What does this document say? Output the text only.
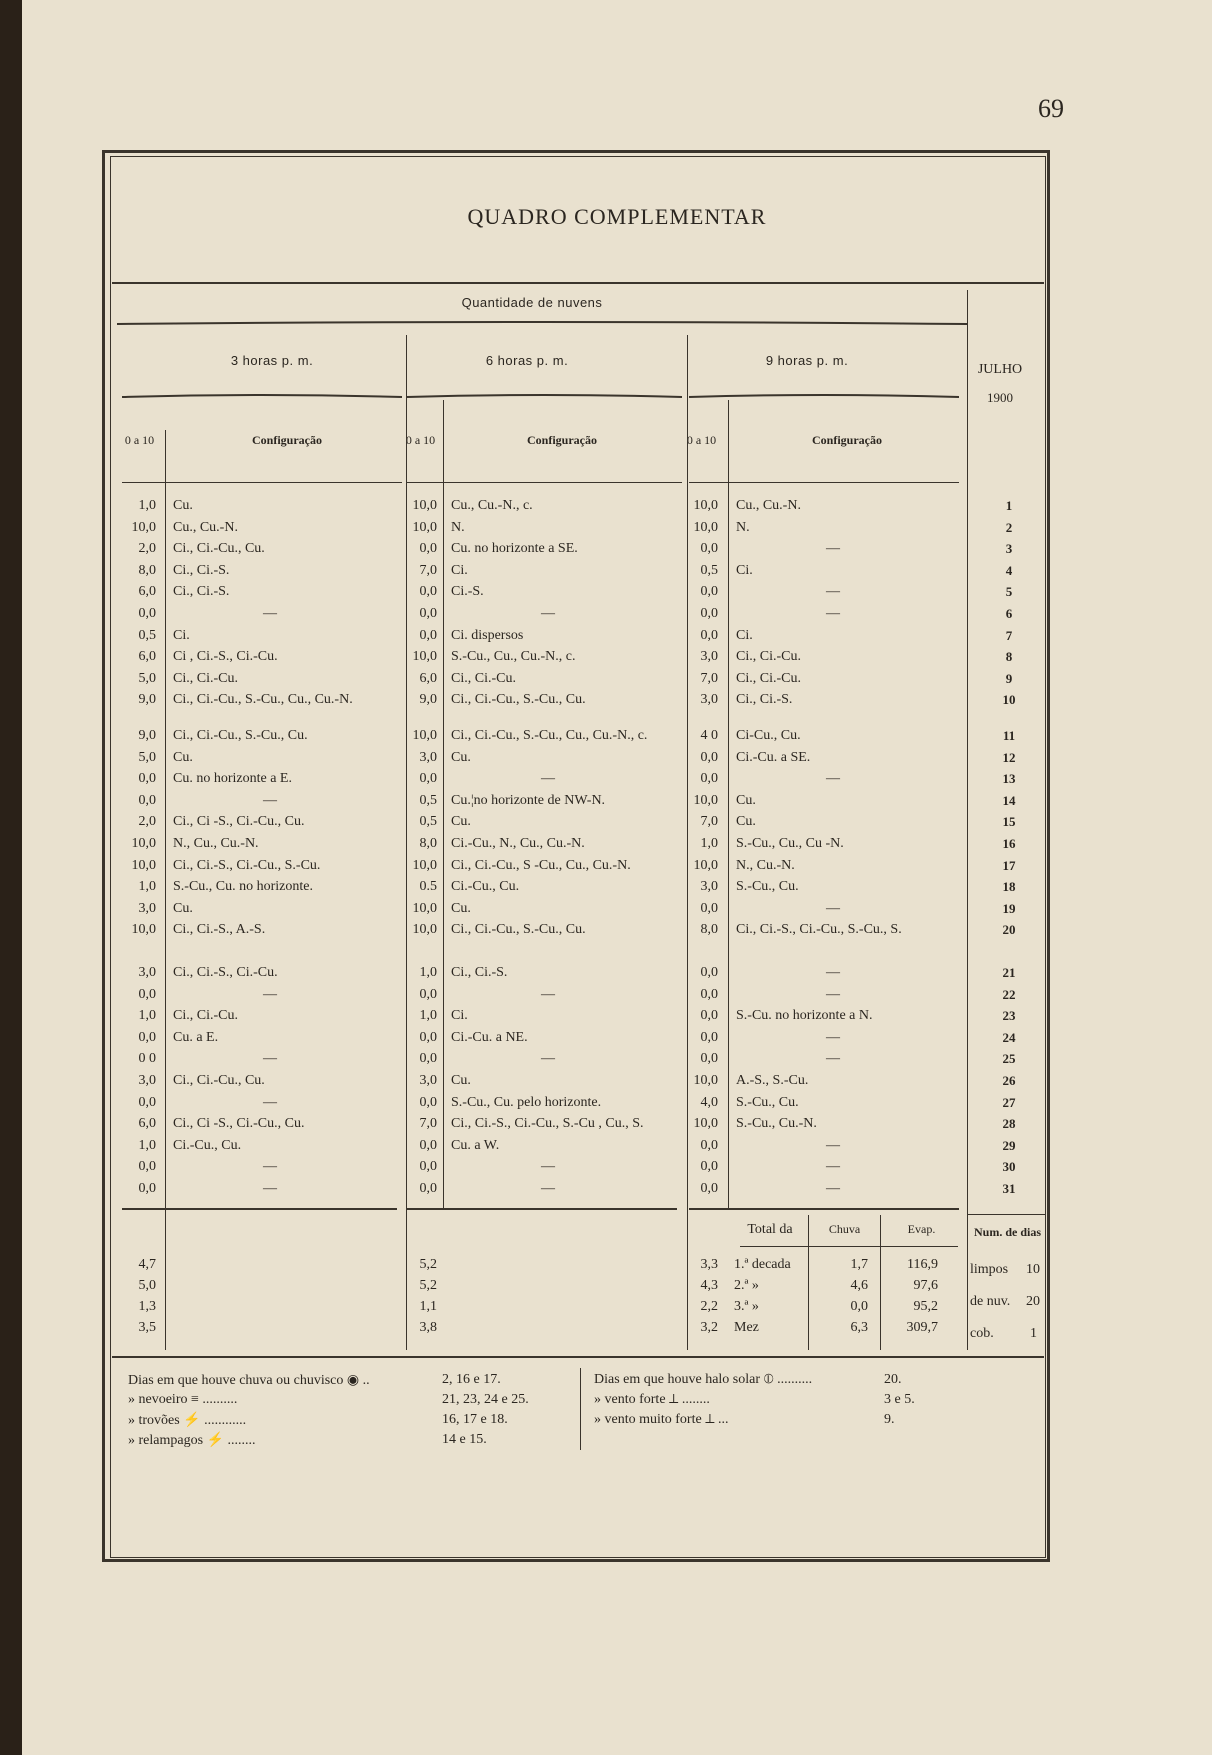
69
QUADRO COMPLEMENTAR
Quantidade de nuvens
3 horas p. m.	6 horas p. m.	9 horas p. m.
JULHO
1900
0 a 10	Configuração	0 a 10	Configuração	0 a 10	Configuração
1,0 Cu.	10,0 Cu., Cu.-N., c.	10,0 Cu., Cu.-N.	1
10,0 Cu., Cu.-N.	10,0 N.	10,0 N.	2
2,0 Ci., Ci.-Cu., Cu.	0,0 Cu. no horizonte a SE.	0,0	—	3
8,0 Ci., Ci.-S.	7,0 Ci.	0,5 Ci.	4
6,0 Ci., Ci.-S.	0,0 Ci.-S.	0,0	—	5
0,0	—	0,0	—	0,0	—	6
0,5 Ci.	0,0 Ci. dispersos	0,0 Ci.	7
6,0 Ci , Ci.-S., Ci.-Cu.	10,0 S.-Cu., Cu., Cu.-N., c.	3,0 Ci., Ci.-Cu.	8
5,0 Ci., Ci.-Cu.	6,0 Ci., Ci.-Cu.	7,0 Ci., Ci.-Cu.	9
9,0 Ci., Ci.-Cu., S.-Cu., Cu., Cu.-N.	9,0 Ci., Ci.-Cu., S.-Cu., Cu.	3,0 Ci., Ci.-S.	10
9,0 Ci., Ci.-Cu., S.-Cu., Cu.	10,0 Ci., Ci.-Cu., S.-Cu., Cu., Cu.-N., c.	4 0 Ci-Cu., Cu.	11
5,0 Cu.	3,0 Cu.	0,0 Ci.-Cu. a SE.	12
0,0 Cu. no horizonte a E.	0,0	—	0,0	—	13
0,0	—	0,5 Cu.¦no horizonte de NW-N.	10,0 Cu.	14
2,0 Ci., Ci -S., Ci.-Cu., Cu.	0,5 Cu.	7,0 Cu.	15
10,0 N., Cu., Cu.-N.	8,0 Ci.-Cu., N., Cu., Cu.-N.	1,0 S.-Cu., Cu., Cu -N.	16
10,0 Ci., Ci.-S., Ci.-Cu., S.-Cu.	10,0 Ci., Ci.-Cu., S -Cu., Cu., Cu.-N.	10,0 N., Cu.-N.	17
1,0 S.-Cu., Cu. no horizonte.	0.5 Ci.-Cu., Cu.	3,0 S.-Cu., Cu.	18
3,0 Cu.	10,0 Cu.	0,0	—	19
10,0 Ci., Ci.-S., A.-S.	10,0 Ci., Ci.-Cu., S.-Cu., Cu.	8,0 Ci., Ci.-S., Ci.-Cu., S.-Cu., S.	20
3,0 Ci., Ci.-S., Ci.-Cu.	1,0 Ci., Ci.-S.	0,0	—	21
0,0	—	0,0	—	0,0	—	22
1,0 Ci., Ci.-Cu.	1,0 Ci.	0,0 S.-Cu. no horizonte a N.	23
0,0 Cu. a E.	0,0 Ci.-Cu. a NE.	0,0	—	24
0 0	—	0,0	—	0,0	—	25
3,0 Ci., Ci.-Cu., Cu.	3,0 Cu.	10,0 A.-S., S.-Cu.	26
0,0	—	0,0 S.-Cu., Cu. pelo horizonte.	4,0 S.-Cu., Cu.	27
6,0 Ci., Ci -S., Ci.-Cu., Cu.	7,0 Ci., Ci.-S., Ci.-Cu., S.-Cu , Cu., S.	10,0 S.-Cu., Cu.-N.	28
1,0 Ci.-Cu., Cu.	0,0 Cu. a W.	0,0	—	29
0,0	—	0,0	—	0,0	—	30
0,0	—	0,0	—	0,0	—	31
Total da	Chuva	Evap.	Num. de dias
4,7	5,2	3,3 1.ª decada	1,7	116,9
5,0	5,2	4,3 2.ª »	4,6	97,6
1,3	1,1	2,2 3.ª »	0,0	95,2
3,5	3,8	3,2 Mez	6,3	309,7
limpos 10
de nuv. 20
cob.	1
Dias em que houve chuva ou chuvisco ◉ ..	2, 16 e 17.
» nevoeiro ≡ ..........	21, 23, 24 e 25.
» trovões ⚡ ............	16, 17 e 18.
» relampagos ⚡ ........	14 e 15.
Dias em que houve halo solar ⦶ ..........	20.
» vento forte ⟂ ........	3 e 5.
» vento muito forte ⟂ ...	9.
